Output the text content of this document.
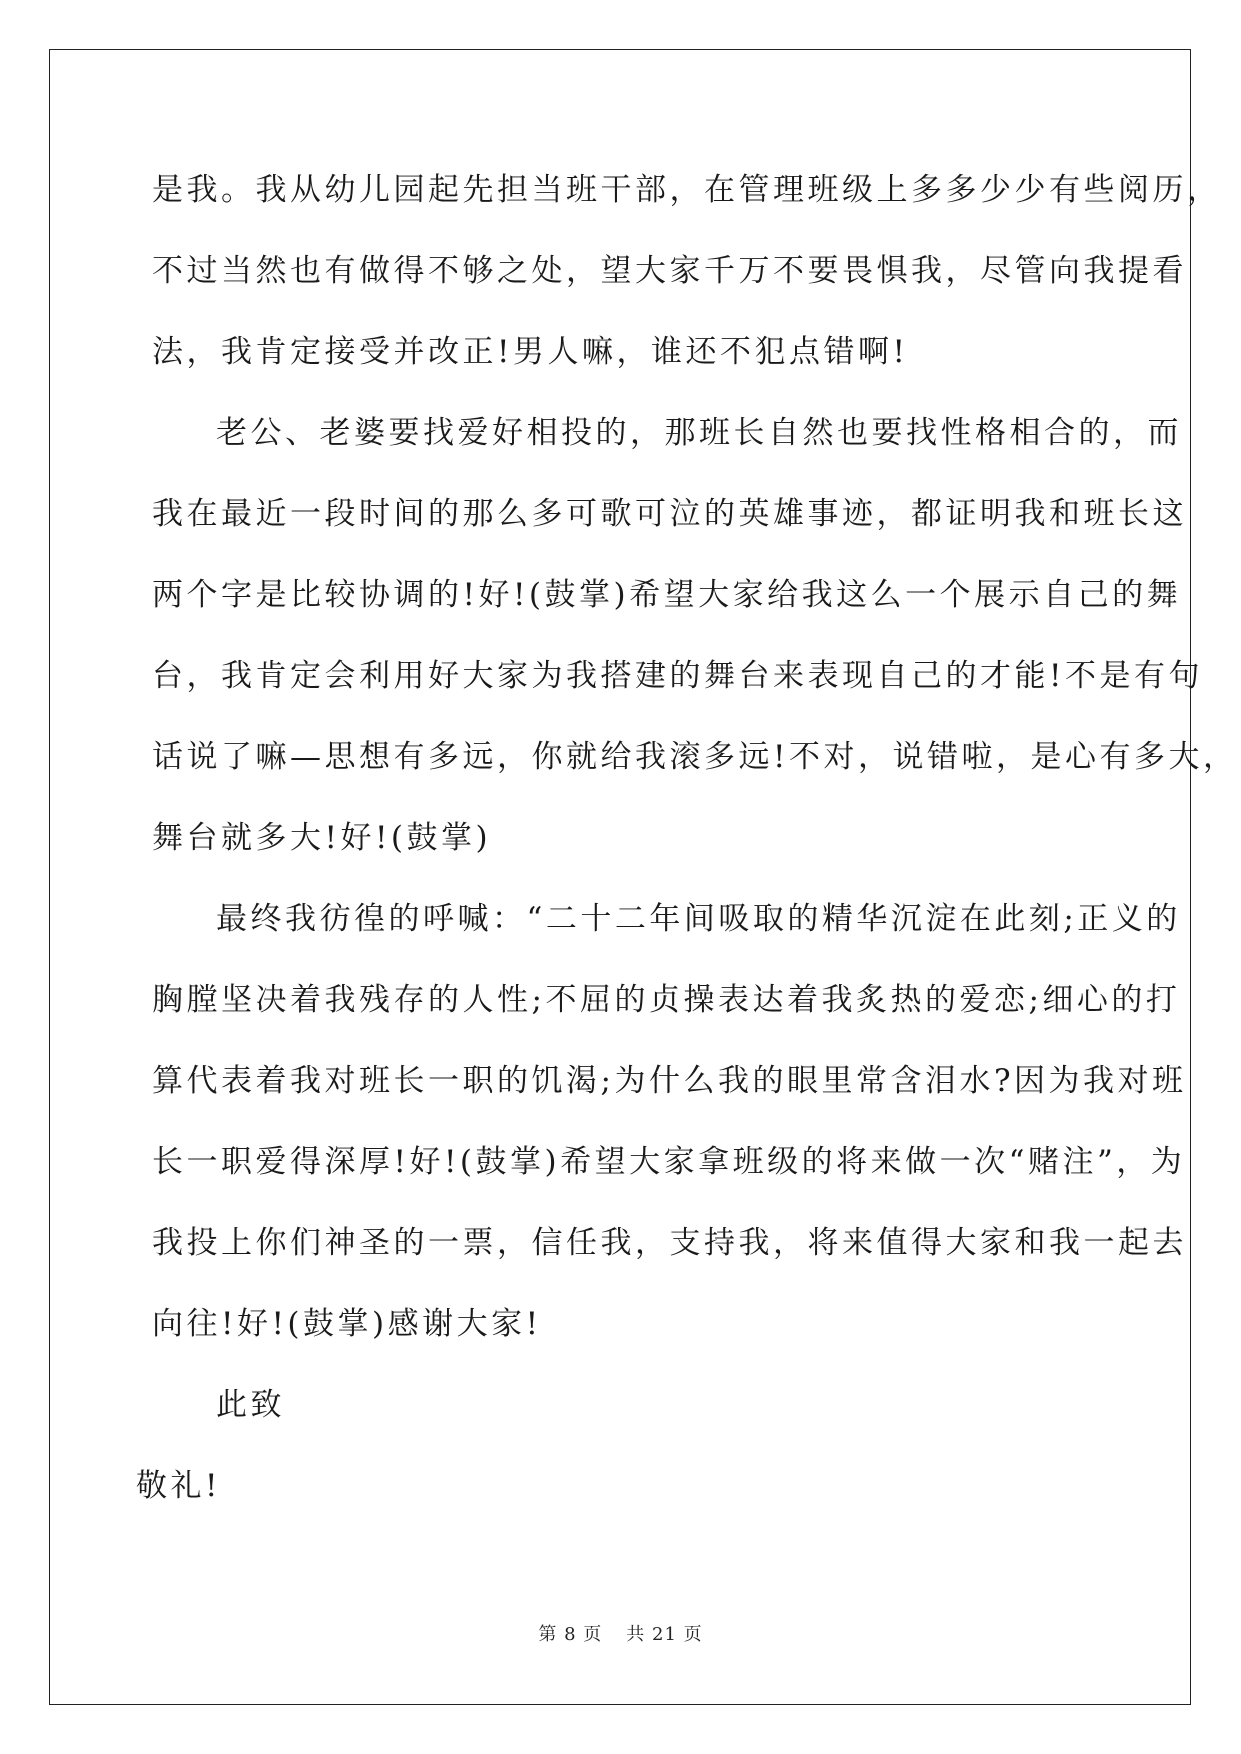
是我。我从幼儿园起先担当班干部，在管理班级上多多少少有些阅历，
不过当然也有做得不够之处，望大家千万不要畏惧我，尽管向我提看
法，我肯定接受并改正!男人嘛，谁还不犯点错啊!
老公、老婆要找爱好相投的，那班长自然也要找性格相合的，而
我在最近一段时间的那么多可歌可泣的英雄事迹，都证明我和班长这
两个字是比较协调的!好!(鼓掌)希望大家给我这么一个展示自己的舞
台，我肯定会利用好大家为我搭建的舞台来表现自己的才能!不是有句
话说了嘛—思想有多远，你就给我滚多远!不对，说错啦，是心有多大，
舞台就多大!好!(鼓掌)
最终我彷徨的呼喊：“二十二年间吸取的精华沉淀在此刻;正义的
胸膛坚决着我残存的人性;不屈的贞操表达着我炙热的爱恋;细心的打
算代表着我对班长一职的饥渴;为什么我的眼里常含泪水?因为我对班
长一职爱得深厚!好!(鼓掌)希望大家拿班级的将来做一次“赌注”，为
我投上你们神圣的一票，信任我，支持我，将来值得大家和我一起去
向往!好!(鼓掌)感谢大家!
此致
敬礼!
第 8 页 共 21 页
